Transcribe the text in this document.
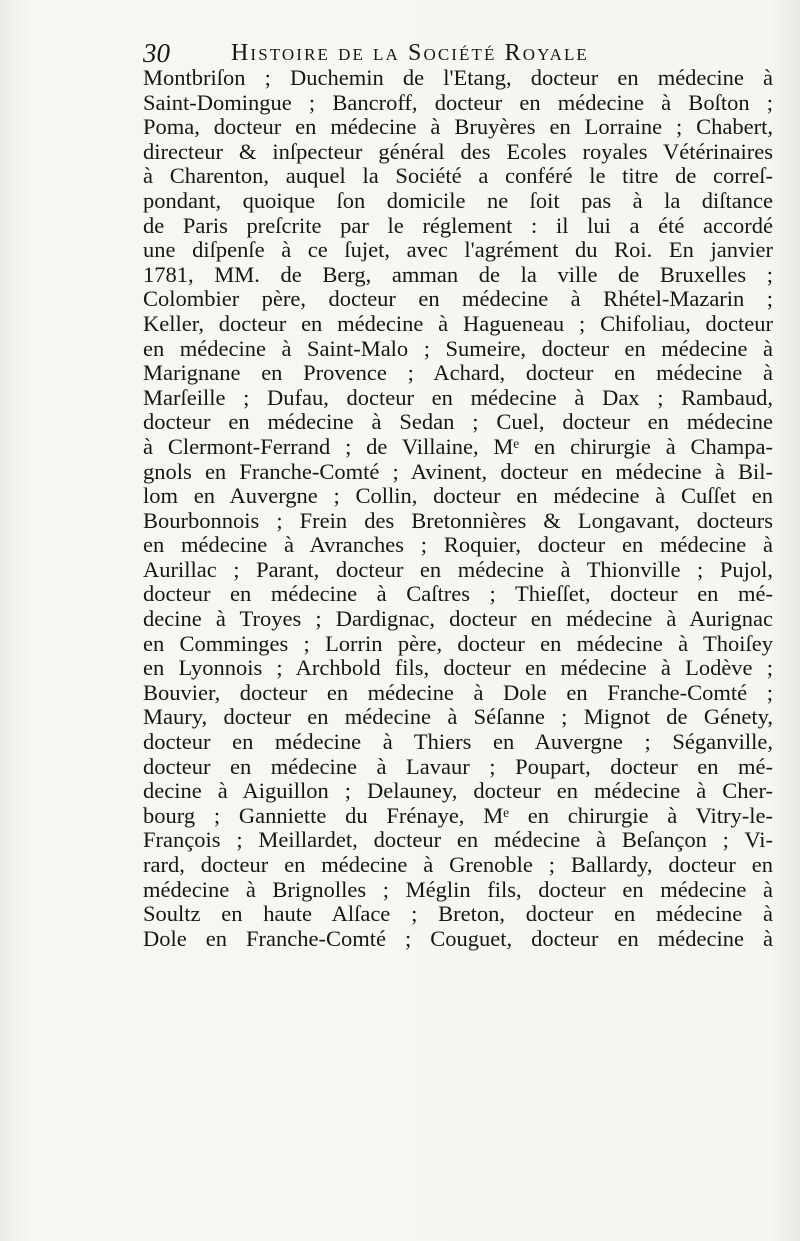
30	Histoire de la Société Royale
Montbriſon ; Duchemin de l'Etang, docteur en médecine à
Saint-Domingue ; Bancroff, docteur en médecine à Boſton ;
Poma, docteur en médecine à Bruyères en Lorraine ; Chabert,
directeur & inſpecteur général des Ecoles royales Vétérinaires
à Charenton, auquel la Société a conféré le titre de correſ-
pondant, quoique ſon domicile ne ſoit pas à la diſtance
de Paris preſcrite par le réglement : il lui a été accordé
une diſpenſe à ce ſujet, avec l'agrément du Roi. En janvier
1781, MM. de Berg, amman de la ville de Bruxelles ;
Colombier père, docteur en médecine à Rhétel-Mazarin ;
Keller, docteur en médecine à Hagueneau ; Chifoliau, docteur
en médecine à Saint-Malo ; Sumeire, docteur en médecine à
Marignane en Provence ; Achard, docteur en médecine à
Marſeille ; Dufau, docteur en médecine à Dax ; Rambaud,
docteur en médecine à Sedan ; Cuel, docteur en médecine
à Clermont-Ferrand ; de Villaine, Mᵉ en chirurgie à Champa-
gnols en Franche-Comté ; Avinent, docteur en médecine à Bil-
lom en Auvergne ; Collin, docteur en médecine à Cuſſet en
Bourbonnois ; Frein des Bretonnières & Longavant, docteurs
en médecine à Avranches ; Roquier, docteur en médecine à
Aurillac ; Parant, docteur en médecine à Thionville ; Pujol,
docteur en médecine à Caſtres ; Thieſſet, docteur en mé-
decine à Troyes ; Dardignac, docteur en médecine à Aurignac
en Comminges ; Lorrin père, docteur en médecine à Thoiſey
en Lyonnois ; Archbold fils, docteur en médecine à Lodève ;
Bouvier, docteur en médecine à Dole en Franche-Comté ;
Maury, docteur en médecine à Séſanne ; Mignot de Génety,
docteur en médecine à Thiers en Auvergne ; Séganville,
docteur en médecine à Lavaur ; Poupart, docteur en mé-
decine à Aiguillon ; Delauney, docteur en médecine à Cher-
bourg ; Ganniette du Frénaye, Mᵉ en chirurgie à Vitry-le-
François ; Meillardet, docteur en médecine à Beſançon ; Vi-
rard, docteur en médecine à Grenoble ; Ballardy, docteur en
médecine à Brignolles ; Méglin fils, docteur en médecine à
Soultz en haute Alſace ; Breton, docteur en médecine à
Dole en Franche-Comté ; Couguet, docteur en médecine à
